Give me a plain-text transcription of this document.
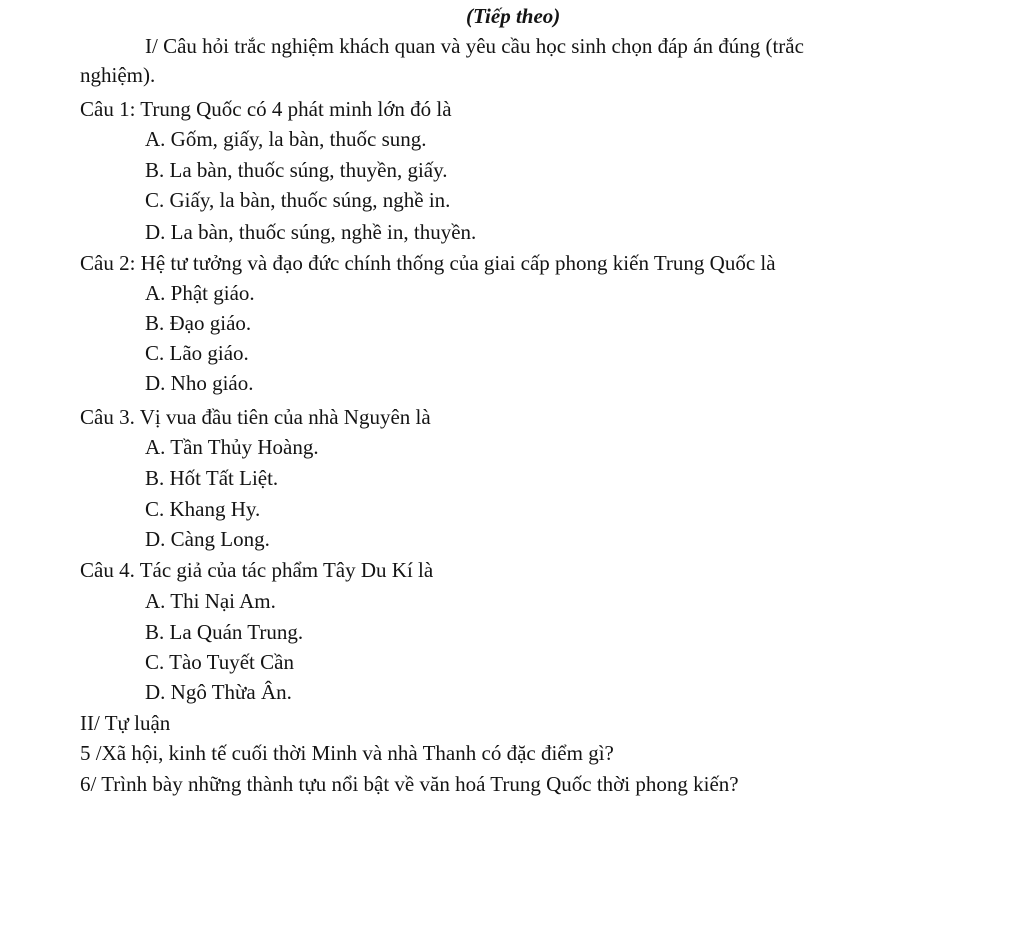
(Tiếp theo)
I/ Câu hỏi trắc nghiệm khách quan và yêu cầu học sinh chọn đáp án đúng (trắc
nghiệm).
Câu 1: Trung Quốc có 4 phát minh lớn đó là
A. Gốm, giấy, la bàn, thuốc sung.
B. La bàn, thuốc súng, thuyền, giấy.
C. Giấy, la bàn, thuốc súng, nghề in.
D. La bàn, thuốc súng, nghề in, thuyền.
Câu 2: Hệ tư tưởng và đạo đức chính thống của giai cấp phong kiến Trung Quốc là
A. Phật giáo.
B. Đạo giáo.
C. Lão giáo.
D. Nho giáo.
Câu 3. Vị vua đầu tiên của nhà Nguyên là
A. Tần Thủy Hoàng.
B. Hốt Tất Liệt.
C. Khang Hy.
D. Càng Long.
Câu 4. Tác giả của tác phẩm Tây Du Kí là
A. Thi Nại Am.
B. La Quán Trung.
C. Tào Tuyết Cần
D. Ngô Thừa Ân.
II/ Tự luận
5 /Xã hội, kinh tế cuối thời Minh và nhà Thanh có đặc điểm gì?
6/ Trình bày những thành tựu nổi bật về văn hoá Trung Quốc thời phong kiến?
